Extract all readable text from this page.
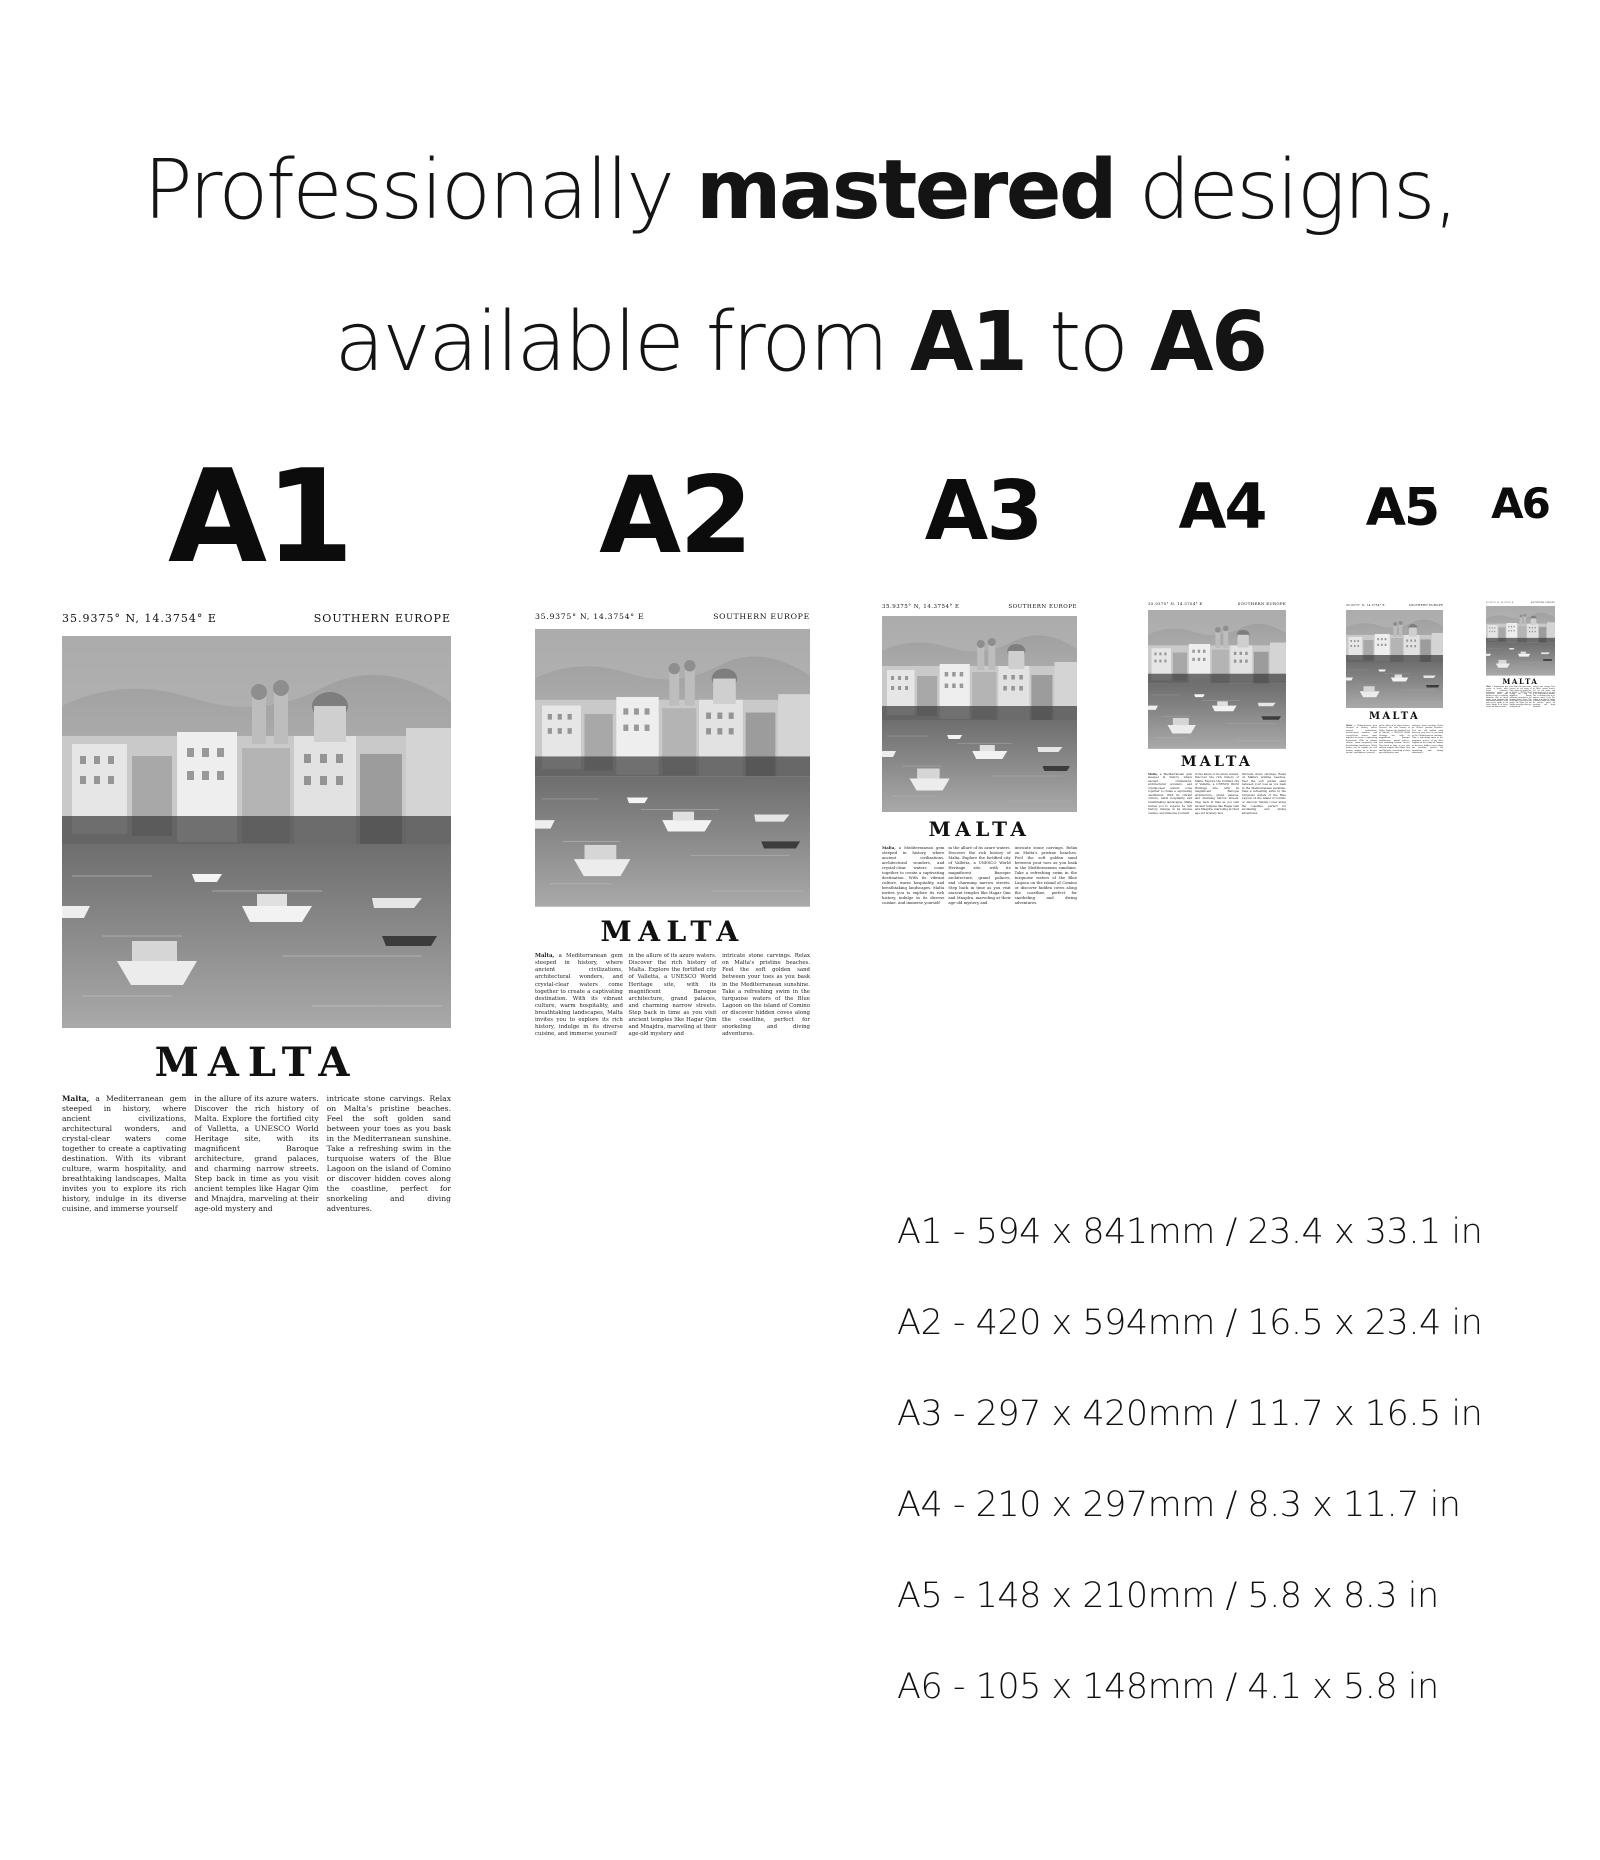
Professionally mastered designs,
available from A1 to A6
A1 A2 A3 A4 A5 A6
35.9375° N, 14.3754° E	SOUTHERN EUROPE
MALTA
Malta, a Mediterranean gem steeped in history, where ancient civilizations, architectural wonders, and crystal-clear waters come together to create a captivating destination. With its vibrant culture, warm hospitality, and breathtaking landscapes, Malta invites you to explore its rich history, indulge in its diverse cuisine, and immerse yourself
in the allure of its azure waters. Discover the rich history of Malta. Explore the fortified city of Valletta, a UNESCO World Heritage site, with its magnificent Baroque architecture, grand palaces, and charming narrow streets. Step back in time as you visit ancient temples like Hagar Qim and Mnajdra, marveling at their age-old mystery and
intricate stone carvings. Relax on Malta's pristine beaches. Feel the soft golden sand between your toes as you bask in the Mediterranean sunshine. Take a refreshing swim in the turquoise waters of the Blue Lagoon on the island of Comino or discover hidden coves along the coastline, perfect for snorkeling and diving adventures.
35.9375° N, 14.3754° E	SOUTHERN EUROPE
MALTA
Malta, a Mediterranean gem steeped in history, where ancient civilizations, architectural wonders, and crystal-clear waters come together to create a captivating destination. With its vibrant culture, warm hospitality, and breathtaking landscapes, Malta invites you to explore its rich history, indulge in its diverse cuisine, and immerse yourself
in the allure of its azure waters. Discover the rich history of Malta. Explore the fortified city of Valletta, a UNESCO World Heritage site, with its magnificent Baroque architecture, grand palaces, and charming narrow streets. Step back in time as you visit ancient temples like Hagar Qim and Mnajdra, marveling at their age-old mystery and
intricate stone carvings. Relax on Malta's pristine beaches. Feel the soft golden sand between your toes as you bask in the Mediterranean sunshine. Take a refreshing swim in the turquoise waters of the Blue Lagoon on the island of Comino or discover hidden coves along the coastline, perfect for snorkeling and diving adventures.
35.9375° N, 14.3754° E	SOUTHERN EUROPE
MALTA
Malta, a Mediterranean gem steeped in history, where ancient civilizations, architectural wonders, and crystal-clear waters come together to create a captivating destination. With its vibrant culture, warm hospitality, and breathtaking landscapes, Malta invites you to explore its rich history, indulge in its diverse cuisine, and immerse yourself
in the allure of its azure waters. Discover the rich history of Malta. Explore the fortified city of Valletta, a UNESCO World Heritage site, with its magnificent Baroque architecture, grand palaces, and charming narrow streets. Step back in time as you visit ancient temples like Hagar Qim and Mnajdra, marveling at their age-old mystery and
intricate stone carvings. Relax on Malta's pristine beaches. Feel the soft golden sand between your toes as you bask in the Mediterranean sunshine. Take a refreshing swim in the turquoise waters of the Blue Lagoon on the island of Comino or discover hidden coves along the coastline, perfect for snorkeling and diving adventures.
35.9375° N, 14.3754° E	SOUTHERN EUROPE
MALTA
Malta, a Mediterranean gem steeped in history, where ancient civilizations, architectural wonders, and crystal-clear waters come together to create a captivating destination. With its vibrant culture, warm hospitality, and breathtaking landscapes, Malta invites you to explore its rich history, indulge in its diverse cuisine, and immerse yourself
in the allure of its azure waters. Discover the rich history of Malta. Explore the fortified city of Valletta, a UNESCO World Heritage site, with its magnificent Baroque architecture, grand palaces, and charming narrow streets. Step back in time as you visit ancient temples like Hagar Qim and Mnajdra, marveling at their age-old mystery and
intricate stone carvings. Relax on Malta's pristine beaches. Feel the soft golden sand between your toes as you bask in the Mediterranean sunshine. Take a refreshing swim in the turquoise waters of the Blue Lagoon on the island of Comino or discover hidden coves along the coastline, perfect for snorkeling and diving adventures.
35.9375° N, 14.3754° E	SOUTHERN EUROPE
MALTA
Malta, a Mediterranean gem steeped in history, where ancient civilizations, architectural wonders, and crystal-clear waters come together to create a captivating destination. With its vibrant culture, warm hospitality, and breathtaking landscapes, Malta invites you to explore its rich history, indulge in its diverse cuisine, and immerse yourself
in the allure of its azure waters. Discover the rich history of Malta. Explore the fortified city of Valletta, a UNESCO World Heritage site, with its magnificent Baroque architecture, grand palaces, and charming narrow streets. Step back in time as you visit ancient temples like Hagar Qim and Mnajdra, marveling at their age-old mystery and
intricate stone carvings. Relax on Malta's pristine beaches. Feel the soft golden sand between your toes as you bask in the Mediterranean sunshine. Take a refreshing swim in the turquoise waters of the Blue Lagoon on the island of Comino or discover hidden coves along the coastline, perfect for snorkeling and diving adventures.
35.9375° N, 14.3754° E	SOUTHERN EUROPE
MALTA
Malta, a Mediterranean gem steeped in history, where ancient civilizations, architectural wonders, and crystal-clear waters come together to create a captivating destination. With its vibrant culture, warm hospitality, and breathtaking landscapes, Malta invites you to explore its rich history, indulge in its diverse cuisine, and immerse yourself
in the allure of its azure waters. Discover the rich history of Malta. Explore the fortified city of Valletta, a UNESCO World Heritage site, with its magnificent Baroque architecture, grand palaces, and charming narrow streets. Step back in time as you visit ancient temples like Hagar Qim and Mnajdra, marveling at their age-old mystery and
intricate stone carvings. Relax on Malta's pristine beaches. Feel the soft golden sand between your toes as you bask in the Mediterranean sunshine. Take a refreshing swim in the turquoise waters of the Blue Lagoon on the island of Comino or discover hidden coves along the coastline, perfect for snorkeling and diving adventures.
A1 - 594 x 841mm / 23.4 x 33.1 in
A2 - 420 x 594mm / 16.5 x 23.4 in
A3 - 297 x 420mm / 11.7 x 16.5 in
A4 - 210 x 297mm / 8.3 x 11.7 in
A5 - 148 x 210mm / 5.8 x 8.3 in
A6 - 105 x 148mm / 4.1 x 5.8 in
